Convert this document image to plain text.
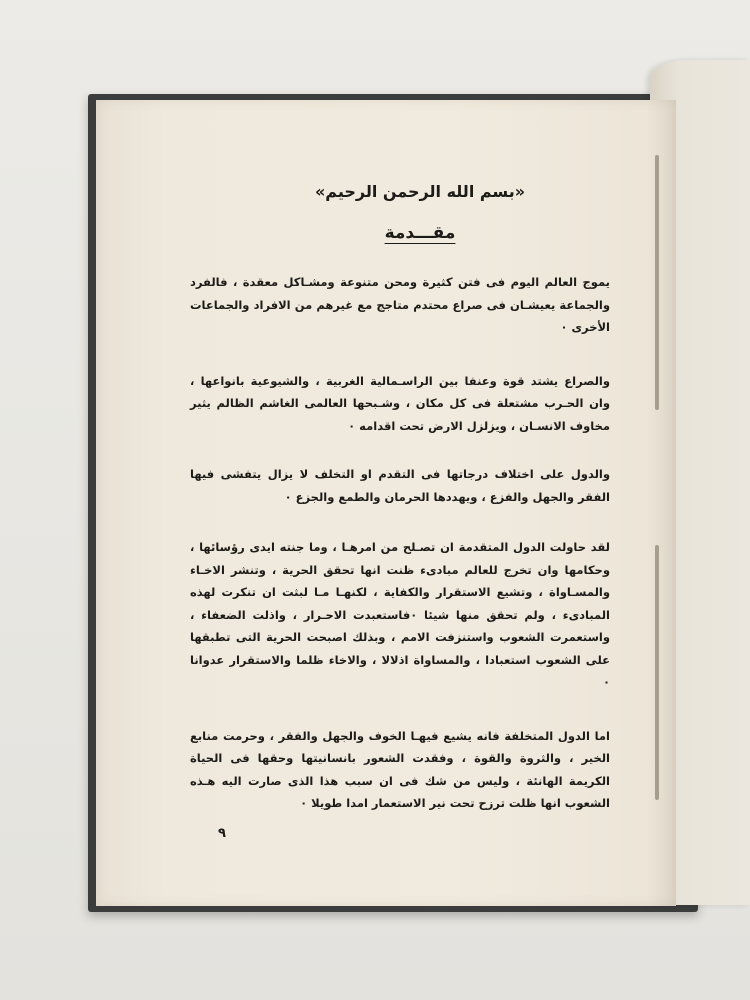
«بسم الله الرحمن الرحيم»
مقـــدمة

يموج العالم اليوم فى فتن كثيرة ومحن متنوعة ومشـاكل معقدة ، فالفرد والجماعة يعيشـان فى صراع محتدم متاجج مع غيرهم من الافراد والجماعات الأخرى ٠

والصراع يشتد قوة وعنفا بين الراسـمالية الغربية ، والشيوعية بانواعها ، وان الحـرب مشتعلة فى كل مكان ، وشـبحها العالمى الغاشم الظالم يثير مخاوف الانسـان ، ويزلزل الارض تحت اقدامه ٠

والدول على اختلاف درجاتها فى التقدم او التخلف لا يزال يتفشى فيها الفقر والجهل والفزع ، ويهددها الحرمان والطمع والجزع ٠

لقد حاولت الدول المتقدمة ان تصـلح من امرهـا ، وما جنته ايدى رؤسائها ، وحكامها وان تخرج للعالم مبادىء ظنت انها تحقق الحرية ، وتنشر الاخـاء والمسـاواة ، وتشيع الاستقرار والكفاية ، لكنهـا مـا لبثت ان تنكرت لهذه المبادىء ، ولم تحقق منها شيئا ٠فاستعبدت الاحـرار ، واذلت الضعفاء ، واستعمرت الشعوب واستنزفت الامم ، وبذلك اصبحت الحرية التى تطبقها على الشعوب استعبادا ، والمساواة اذلالا ، والاخاء ظلما والاستقرار عدوانا ٠

اما الدول المتخلفة فانه يشيع فيهـا الخوف والجهل والفقر ، وحرمت منابع الخير ، والثروة والقوة ، وفقدت الشعور بانسانيتها وحقها فى الحياة الكريمة الهانئة ، وليس من شك فى ان سبب هذا الذى صارت اليه هـذه الشعوب انها ظلت ترزح تحت نير الاستعمار امدا طويلا ٠

٩
